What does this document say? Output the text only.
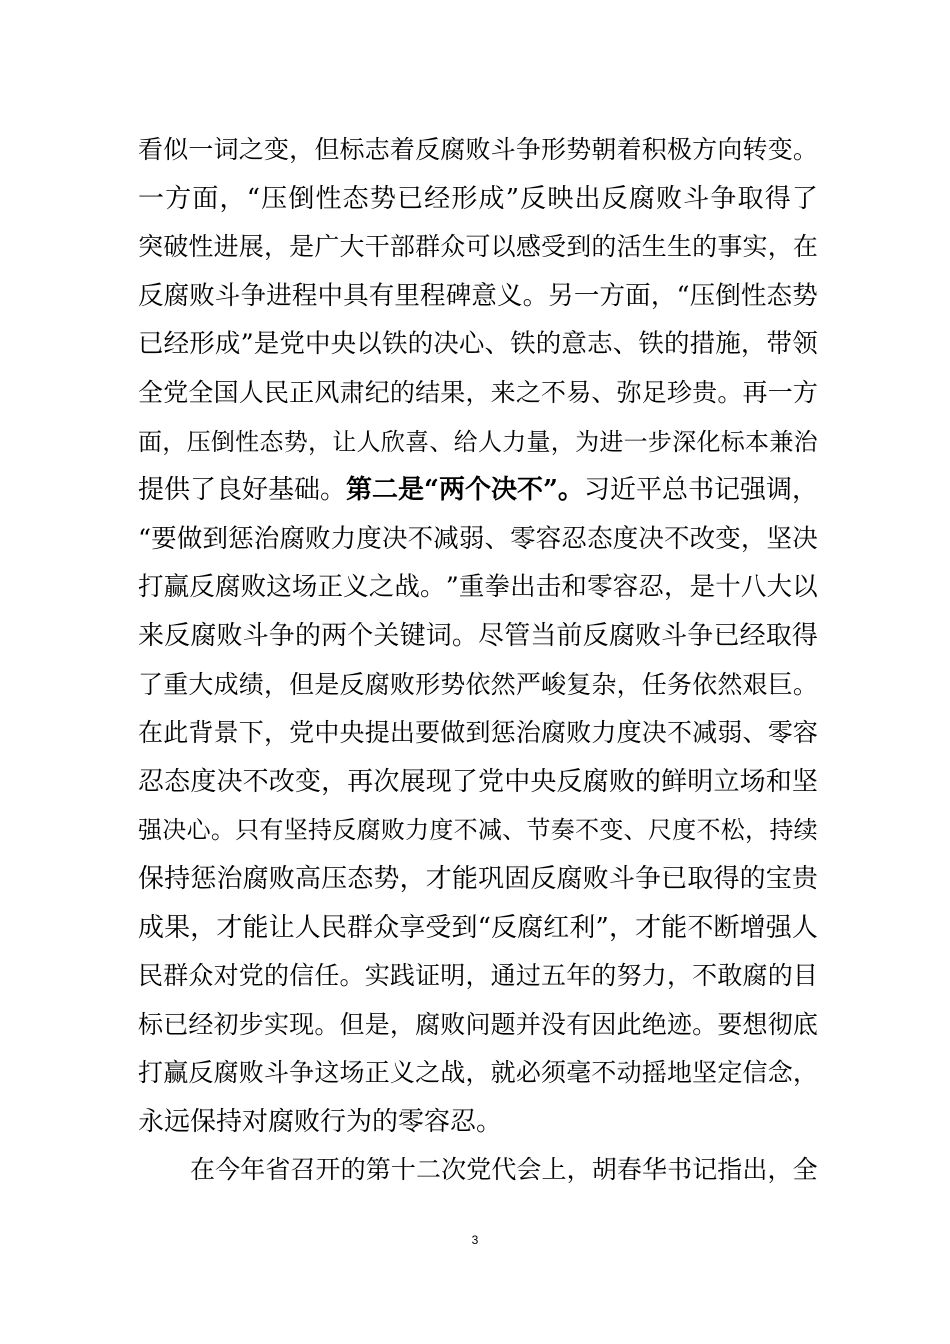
看 似 一 词 之 变 ， 但 标 志 着 反 腐 败 斗 争 形 势 朝 着 积 极 方 向 转 变 。
一 方 面 ， “ 压 倒 性 态 势 已 经 形 成 ” 反 映 出 反 腐 败 斗 争 取 得 了
突 破 性 进 展 ， 是 广 大 干 部 群 众 可 以 感 受 到 的 活 生 生 的 事 实 ， 在
反 腐 败 斗 争 进 程 中 具 有 里 程 碑 意 义 。 另 一 方 面 ， “ 压 倒 性 态 势
已 经 形 成 ” 是 党 中 央 以 铁 的 决 心 、 铁 的 意 志 、 铁 的 措 施 ， 带 领
全 党 全 国 人 民 正 风 肃 纪 的 结 果 ， 来 之 不 易 、 弥 足 珍 贵 。 再 一 方
面 ， 压 倒 性 态 势 ， 让 人 欣 喜 、 给 人 力 量 ， 为 进 一 步 深 化 标 本 兼 治
提供了良好基础。第二是“两个决不”。习近平总书记强调，
“ 要 做 到 惩 治 腐 败 力 度 决 不 减 弱 、 零 容 忍 态 度 决 不 改 变 ， 坚 决
打 赢 反 腐 败 这 场 正 义 之 战 。 ” 重 拳 出 击 和 零 容 忍 ， 是 十 八 大 以
来 反 腐 败 斗 争 的 两 个 关 键 词 。 尽 管 当 前 反 腐 败 斗 争 已 经 取 得
了 重 大 成 绩 ， 但 是 反 腐 败 形 势 依 然 严 峻 复 杂 ， 任 务 依 然 艰 巨 。
在 此 背 景 下 ， 党 中 央 提 出 要 做 到 惩 治 腐 败 力 度 决 不 减 弱 、 零 容
忍 态 度 决 不 改 变 ， 再 次 展 现 了 党 中 央 反 腐 败 的 鲜 明 立 场 和 坚
强 决 心 。 只 有 坚 持 反 腐 败 力 度 不 减 、 节 奏 不 变 、 尺 度 不 松 ， 持 续
保 持 惩 治 腐 败 高 压 态 势 ， 才 能 巩 固 反 腐 败 斗 争 已 取 得 的 宝 贵
成 果 ， 才 能 让 人 民 群 众 享 受 到 “ 反 腐 红 利 ” ， 才 能 不 断 增 强 人
民 群 众 对 党 的 信 任 。 实 践 证 明 ， 通 过 五 年 的 努 力 ， 不 敢 腐 的 目
标 已 经 初 步 实 现 。 但 是 ， 腐 败 问 题 并 没 有 因 此 绝 迹 。 要 想 彻 底
打 赢 反 腐 败 斗 争 这 场 正 义 之 战 ， 就 必 须 毫 不 动 摇 地 坚 定 信 念 ，
永远保持对腐败行为的零容忍。
在 今 年 省 召 开 的 第 十 二 次 党 代 会 上 ， 胡 春 华 书 记 指 出 ， 全
3
